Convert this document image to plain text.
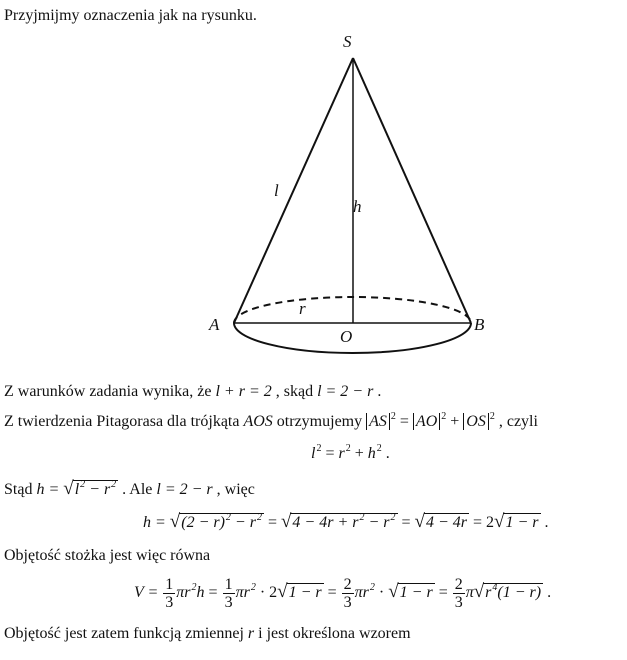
Przyjmijmy oznaczenia jak na rysunku.
S
l
h
r
A	B
O
Z warunków zadania wynika, że l + r = 2 , skąd l = 2 − r .
Z twierdzenia Pitagorasa dla trójkąta AOS otrzymujemy AS $^2$ = AO $^2$ + OS $^2$ , czyli
$l^2 = r^2 + h^2$ .
Stąd $h = √l^2 - r^2$ . Ale l = 2 − r , więc
$h = √(2 - r)^2 - r^2 = √4 - 4r + r^2 - r^2 = √4 - 4r = 2√1 - r$ .
Objętość stożka jest więc równa
$V = \frac{1}{3} \pi r^2h = \frac{1}{3} \pi r^2 \cdot 2√1 - r = \frac{2}{3} \pi r^2 \cdot √1 - r = \frac{2}{3} \pi√r^4(1 - r)$ .
Objętość jest zatem funkcją zmiennej r i jest określona wzorem
